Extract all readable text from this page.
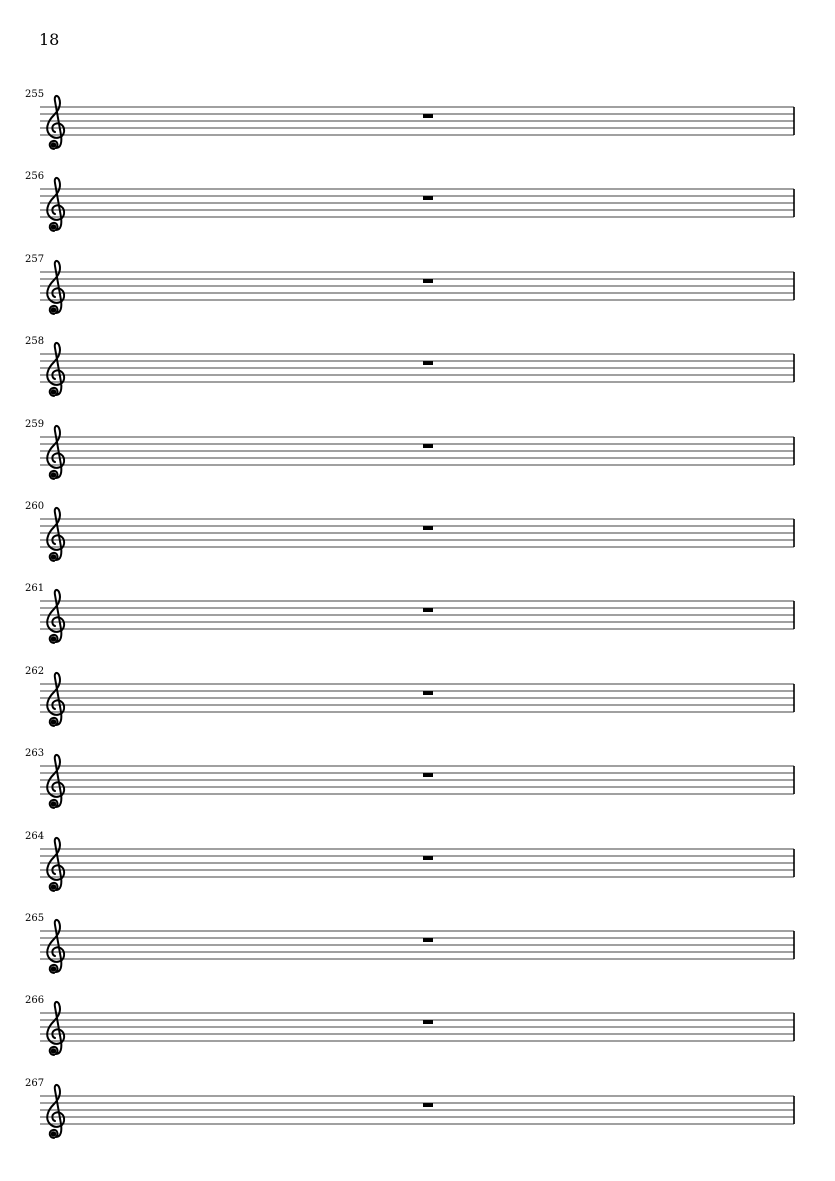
18
255
256
257
258
259
260
261
262
263
264
265
266
267
